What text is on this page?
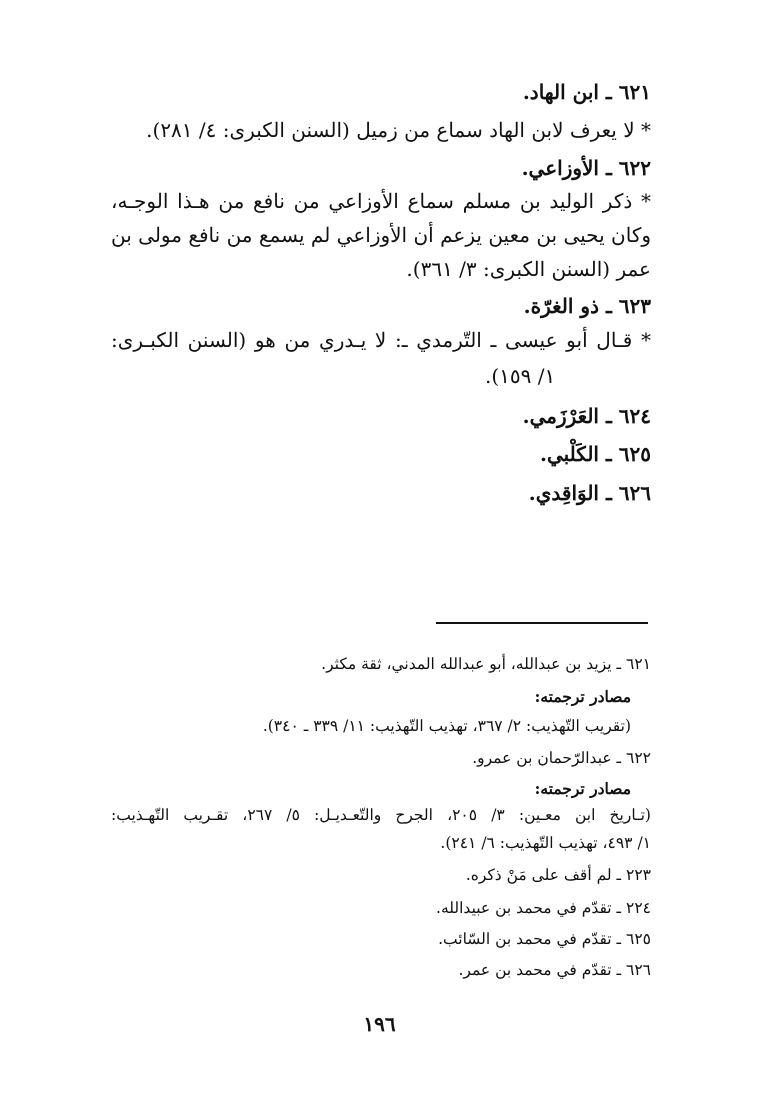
٦٢١ ـ ابن الهاد.
* لا يعرف لابن الهاد سماع من زميل (السنن الكبرى: ٤/ ٢٨١).
٦٢٢ ـ الأوزاعي.
* ذكر الوليد بن مسلم سماع الأوزاعي من نافع من هـذا الوجـه،
وكان يحيى بن معين يزعم أن الأوزاعي لم يسمع من نافع مولى بن
عمر (السنن الكبرى: ٣/ ٣٦١).
٦٢٣ ـ ذو الغرّة.
* قـال أبو عيسى ـ التّرمدي ـ: لا يـدري من هو (السنن الكبـرى:
١/ ١٥٩).
٦٢٤ ـ العَرْزَمي.
٦٢٥ ـ الكَلْبي.
٦٢٦ ـ الوَاقِدي.
٦٢١ ـ يزيد بن عبدالله، أبو عبدالله المدني، ثقة مكثر.
مصادر ترجمته:
(تقريب التّهذيب: ٢/ ٣٦٧، تهذيب التّهذيب: ١١/ ٣٣٩ ـ ٣٤٠).
٦٢٢ ـ عبدالرّحمان بن عمرو.
مصادر ترجمته:
(تـاريخ ابن معـين: ٣/ ٢٠٥، الجرح والتّعـديـل: ٥/ ٢٦٧، تقـريب التّهـذيب:
١/ ٤٩٣، تهذيب التّهذيب: ٦/ ٢٤١).
٢٢٣ ـ لم أقف على مَنْ ذكره.
٢٢٤ ـ تقدّم في محمد بن عبيدالله.
٦٢٥ ـ تقدّم في محمد بن السّائب.
٦٢٦ ـ تقدّم في محمد بن عمر.
١٩٦
